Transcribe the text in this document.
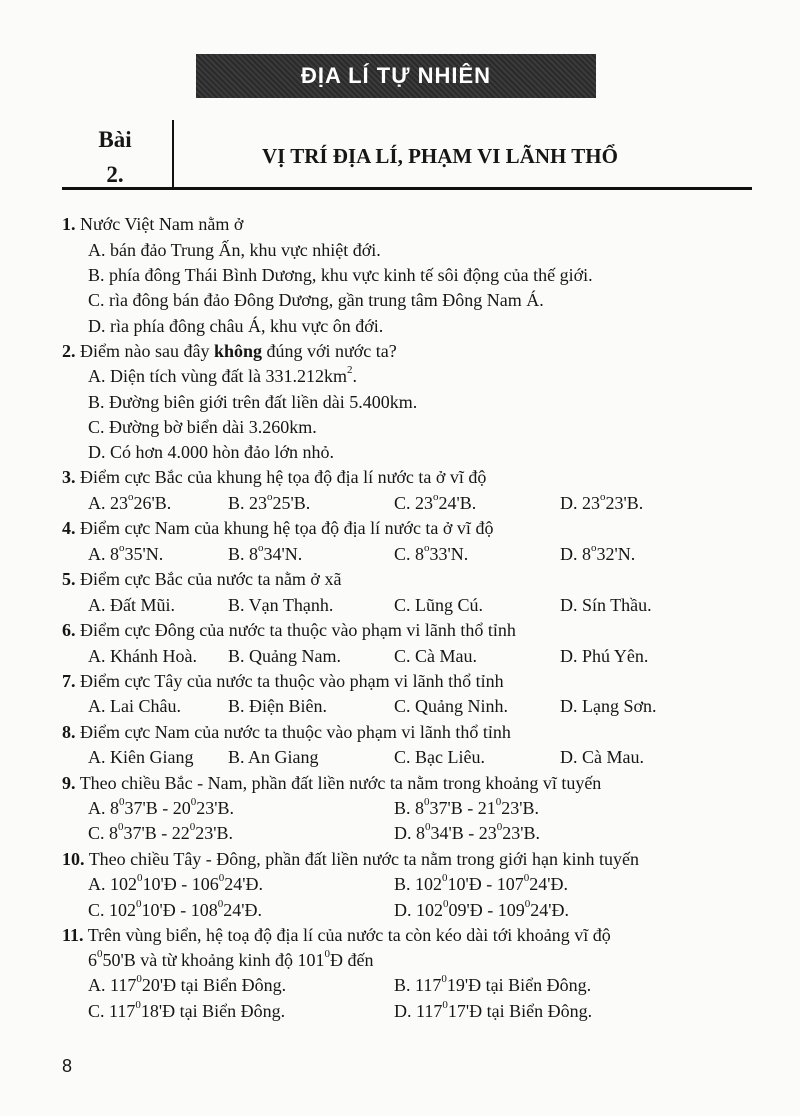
ĐỊA LÍ TỰ NHIÊN
Bài
2.
VỊ TRÍ ĐỊA LÍ, PHẠM VI LÃNH THỔ
1. Nước Việt Nam nằm ở
A. bán đảo Trung Ấn, khu vực nhiệt đới.
B. phía đông Thái Bình Dương, khu vực kinh tế sôi động của thế giới.
C. rìa đông bán đảo Đông Dương, gần trung tâm Đông Nam Á.
D. rìa phía đông châu Á, khu vực ôn đới.
2. Điểm nào sau đây không đúng với nước ta?
A. Diện tích vùng đất là $331.212km^2$.
B. Đường biên giới trên đất liền dài 5.400km.
C. Đường bờ biển dài 3.260km.
D. Có hơn 4.000 hòn đảo lớn nhỏ.
3. Điểm cực Bắc của khung hệ tọa độ địa lí nước ta ở vĩ độ
A. 23$^o$26'B.	B. 23$^o$25'B.	C. 23$^o$24'B.	D. 23$^o$23'B.
4. Điểm cực Nam của khung hệ tọa độ địa lí nước ta ở vĩ độ
A. 8$^o$35'N.	B. 8$^o$34'N.	C. 8$^o$33'N.	D. 8$^o$32'N.
5. Điểm cực Bắc của nước ta nằm ở xã
A. Đất Mũi.	B. Vạn Thạnh.	C. Lũng Cú.	D. Sín Thầu.
6. Điểm cực Đông của nước ta thuộc vào phạm vi lãnh thổ tỉnh
A. Khánh Hoà. B. Quảng Nam.	C. Cà Mau.	D. Phú Yên.
7. Điểm cực Tây của nước ta thuộc vào phạm vi lãnh thổ tỉnh
A. Lai Châu.	B. Điện Biên.	C. Quảng Ninh.	D. Lạng Sơn.
8. Điểm cực Nam của nước ta thuộc vào phạm vi lãnh thổ tỉnh
A. Kiên Giang B. An Giang	C. Bạc Liêu.	D. Cà Mau.
9. Theo chiều Bắc - Nam, phần đất liền nước ta nằm trong khoảng vĩ tuyến
A. $8^037'B - 20^023'B$.	B. $8^037'B - 21^023'B$.
C. $8^037'B - 22^023'B$.	D. $8^034'B - 23^023'B$.
10. Theo chiều Tây - Đông, phần đất liền nước ta nằm trong giới hạn kinh tuyến
A. $102^010'Đ$ - $106^024'Đ$.	B. $102^010'Đ$ - $107^024'Đ$.
C. $102^010'Đ$ - $108^024'Đ$.	D. $102^009'Đ$ - $109^024'Đ$.
11. Trên vùng biển, hệ toạ độ địa lí của nước ta còn kéo dài tới khoảng vĩ độ
$6^050'B$ và từ khoảng kinh độ $101^0Đ$ đến
A. $117^020'Đ$ tại Biển Đông.	B. $117^019'Đ$ tại Biển Đông.
C. $117^018'Đ$ tại Biển Đông.	D. $117^017'Đ$ tại Biển Đông.
8
